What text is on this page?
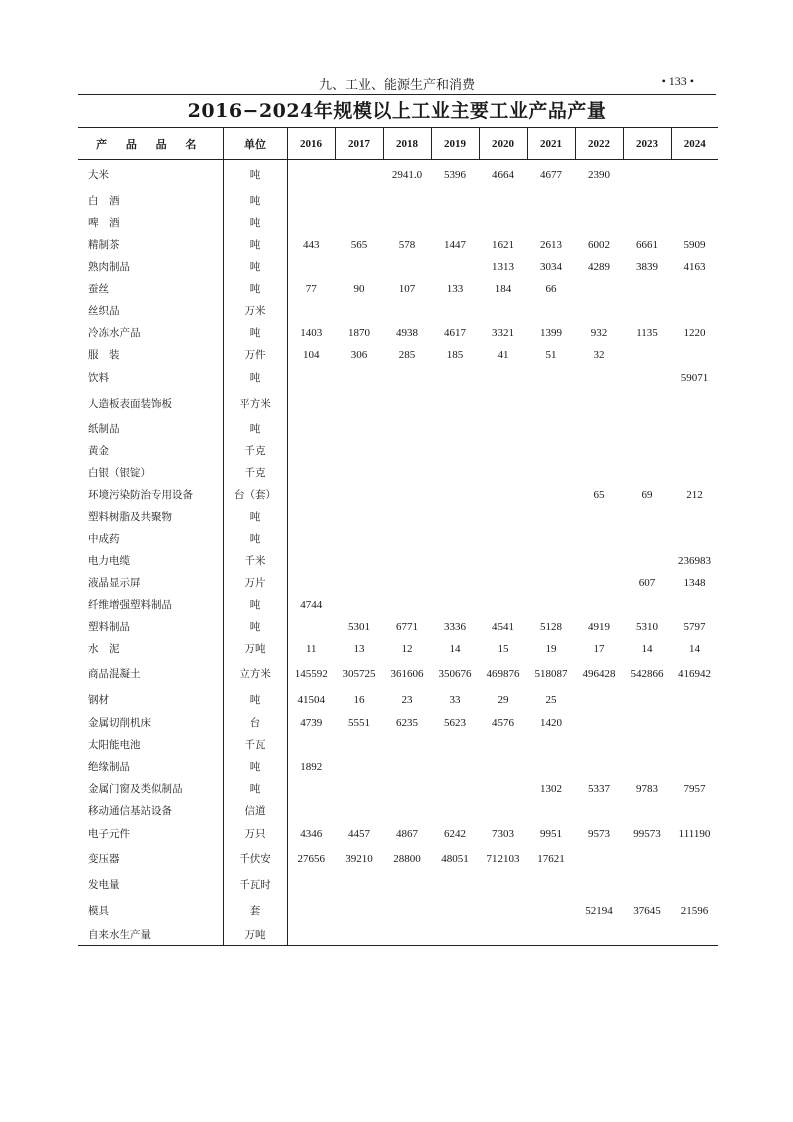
九、工业、能源生产和消费	• 133 •
2016−2024年规模以上工业主要工业产品产量
产 品 品 名	单位	2016	2017	2018	2019	2020	2021	2022	2023	2024
大米	吨			2941.0	5396	4664	4677	2390		
白　酒	吨									
啤　酒	吨									
精制茶	吨	443	565	578	1447	1621	2613	6002	6661	5909
熟肉制品	吨					1313	3034	4289	3839	4163
蚕丝	吨	77	90	107	133	184	66			
丝织品	万米									
冷冻水产品	吨	1403	1870	4938	4617	3321	1399	932	1135	1220
服　装	万件	104	306	285	185	41	51	32		
饮料	吨									59071
人造板表面装饰板	平方米									
纸制品	吨									
黄金	千克									
白银（银锭）	千克									
环境污染防治专用设备	台（套）							65	69	212
塑料树脂及共聚物	吨									
中成药	吨									
电力电缆	千米									236983
液晶显示屏	万片								607	1348
纤维增强塑料制品	吨	4744								
塑料制品	吨		5301	6771	3336	4541	5128	4919	5310	5797
水　泥	万吨	11	13	12	14	15	19	17	14	14
商品混凝土	立方米	145592	305725	361606	350676	469876	518087	496428	542866	416942
钢材	吨	41504	16	23	33	29	25			
金属切削机床	台	4739	5551	6235	5623	4576	1420			
太阳能电池	千瓦									
绝缘制品	吨	1892								
金属门窗及类似制品	吨						1302	5337	9783	7957
移动通信基站设备	信道									
电子元件	万只	4346	4457	4867	6242	7303	9951	9573	99573	111190
变压器	千伏安	27656	39210	28800	48051	712103	17621			
发电量	千瓦时									
模具	套							52194	37645	21596
自来水生产量	万吨									
